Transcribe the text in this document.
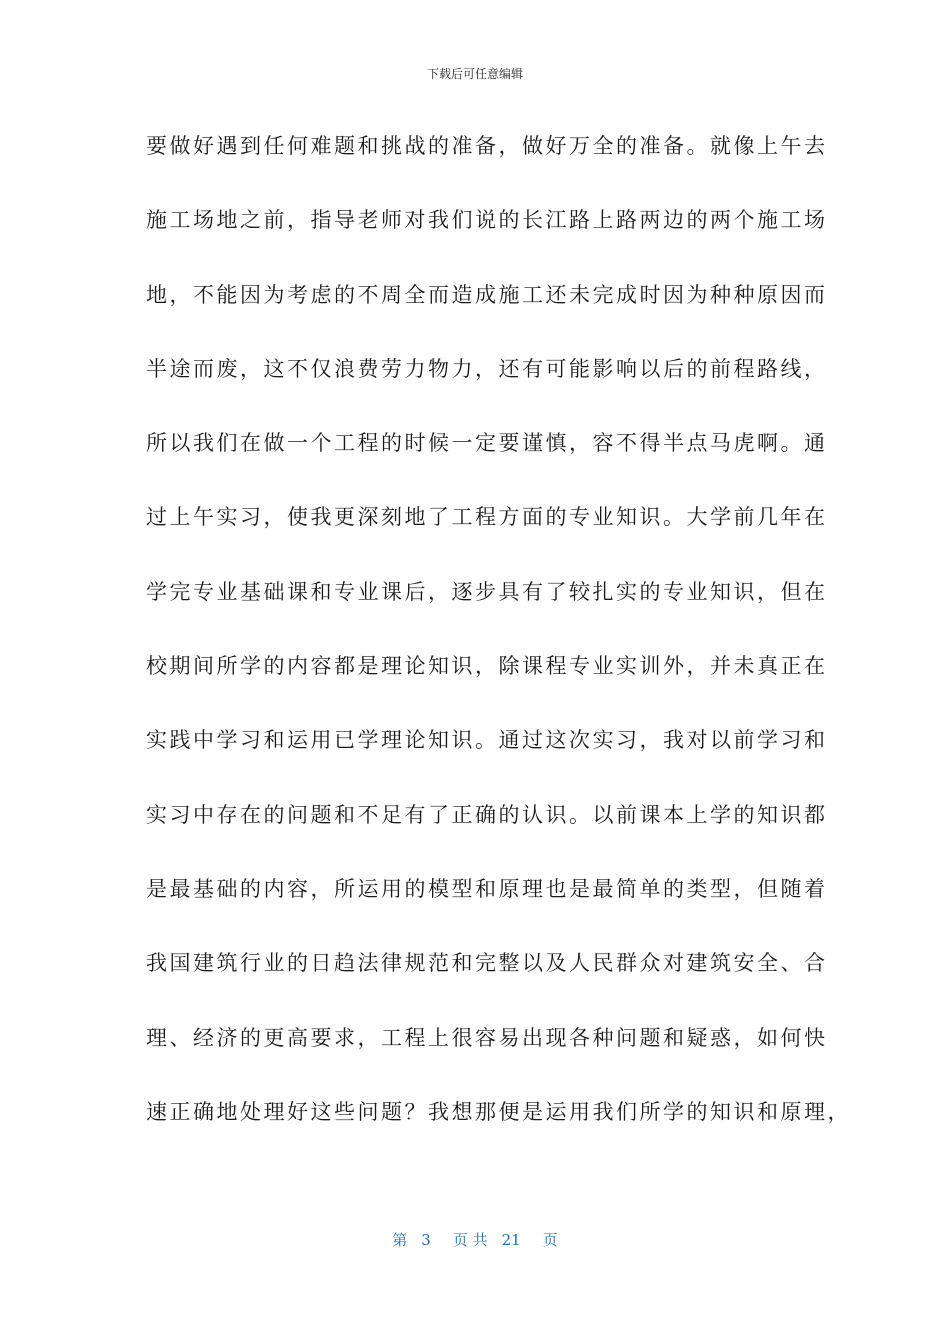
下载后可任意编辑
要做好遇到任何难题和挑战的准备，做好万全的准备。就像上午去
施工场地之前，指导老师对我们说的长江路上路两边的两个施工场
地，不能因为考虑的不周全而造成施工还未完成时因为种种原因而
半途而废，这不仅浪费劳力物力，还有可能影响以后的前程路线，
所以我们在做一个工程的时候一定要谨慎，容不得半点马虎啊。通
过上午实习，使我更深刻地了工程方面的专业知识。大学前几年在
学完专业基础课和专业课后，逐步具有了较扎实的专业知识，但在
校期间所学的内容都是理论知识，除课程专业实训外，并未真正在
实践中学习和运用已学理论知识。通过这次实习，我对以前学习和
实习中存在的问题和不足有了正确的认识。以前课本上学的知识都
是最基础的内容，所运用的模型和原理也是最简单的类型，但随着
我国建筑行业的日趋法律规范和完整以及人民群众对建筑安全、合
理、经济的更高要求，工程上很容易出现各种问题和疑惑，如何快
速正确地处理好这些问题？我想那便是运用我们所学的知识和原理，
第 3 页 共 21 页
